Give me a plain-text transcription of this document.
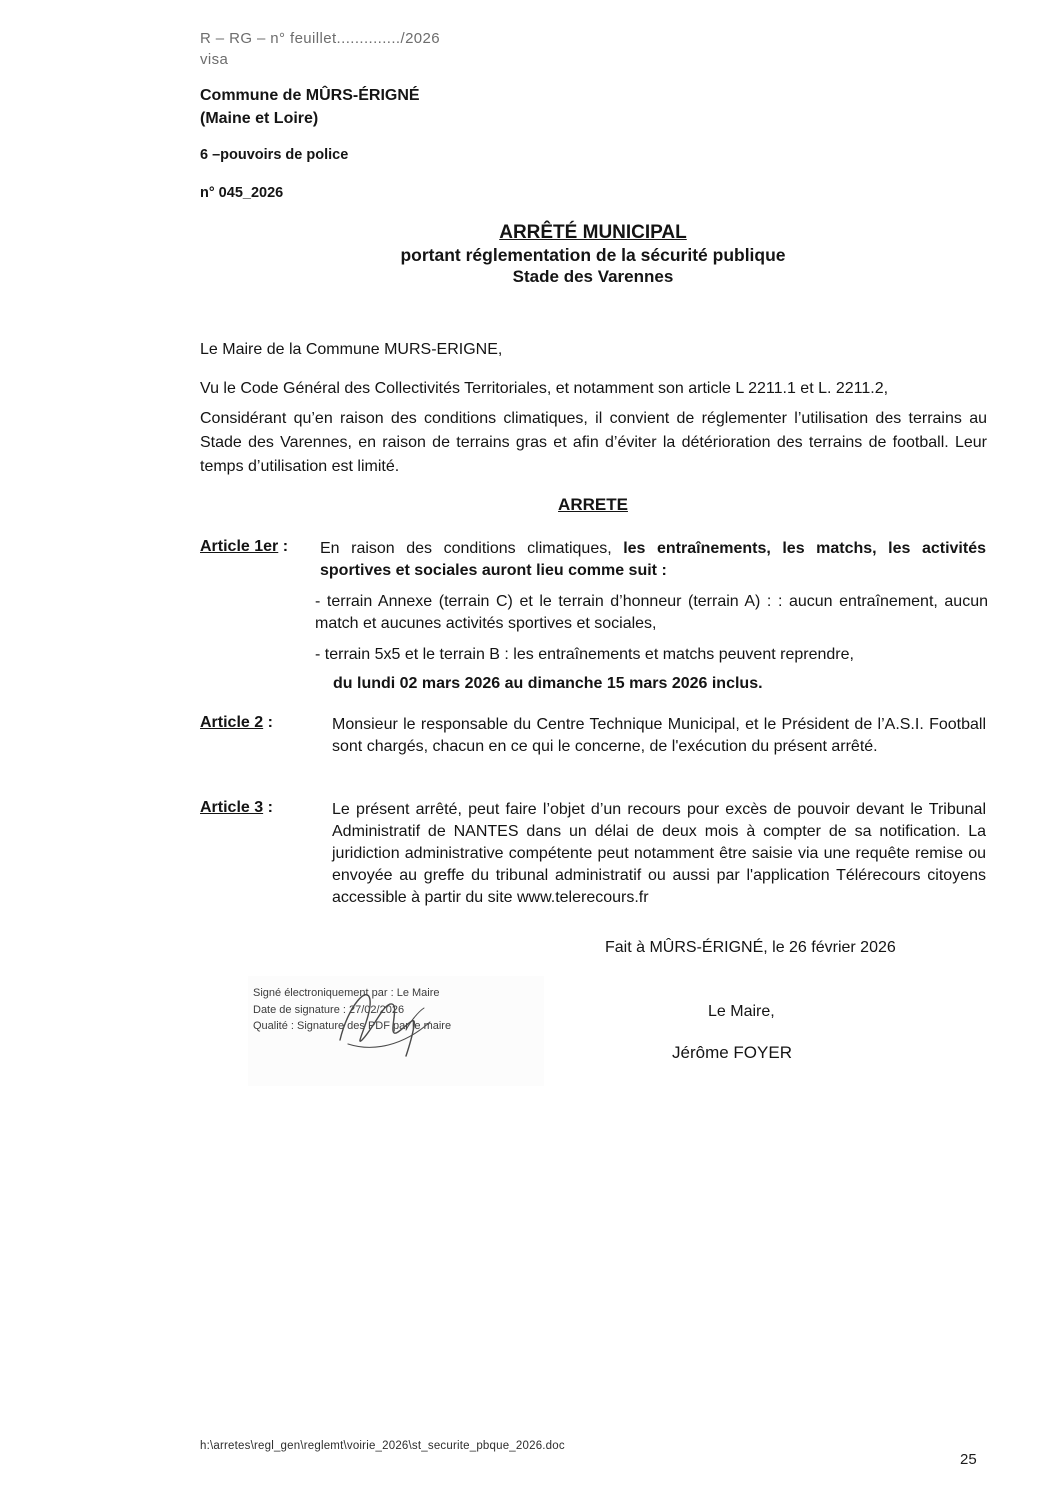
R – RG – n° feuillet............../2026
visa
Commune de MÛRS-ÉRIGNÉ
(Maine et Loire)
6 –pouvoirs de police
n° 045_2026
ARRÊTÉ MUNICIPAL
portant réglementation de la sécurité publique
Stade des Varennes
Le Maire de la Commune MURS-ERIGNE,
Vu le Code Général des Collectivités Territoriales, et notamment son article L 2211.1 et L. 2211.2,
Considérant qu’en raison des conditions climatiques, il convient de réglementer l’utilisation des terrains au Stade des Varennes, en raison de terrains gras et afin d’éviter la détérioration des terrains de football. Leur temps d’utilisation est limité.
ARRETE
Article 1er : En raison des conditions climatiques, les entraînements, les matchs, les activités sportives et sociales auront lieu comme suit :
- terrain Annexe (terrain C) et le terrain d’honneur (terrain A) : : aucun entraînement, aucun match et aucunes activités sportives et sociales,
- terrain 5x5 et le terrain B : les entraînements et matchs peuvent reprendre,
du lundi 02 mars 2026 au dimanche 15 mars 2026 inclus.
Article 2 :	Monsieur le responsable du Centre Technique Municipal, et le Président de l’A.S.I. Football sont chargés, chacun en ce qui le concerne, de l'exécution du présent arrêté.
Article 3 :	Le présent arrêté, peut faire l’objet d’un recours pour excès de pouvoir devant le Tribunal Administratif de NANTES dans un délai de deux mois à compter de sa notification. La juridiction administrative compétente peut notamment être saisie via une requête remise ou envoyée au greffe du tribunal administratif ou aussi par l'application Télérecours citoyens accessible à partir du site www.telerecours.fr
Fait à MÛRS-ÉRIGNÉ, le 26 février 2026
Signé électroniquement par : Le Maire
Date de signature : 27/02/2026
Qualité : Signature des PDF par le maire
Le Maire,
Jérôme FOYER
h:\arretes\regl_gen\reglemt\voirie_2026\st_securite_pbque_2026.doc
25
